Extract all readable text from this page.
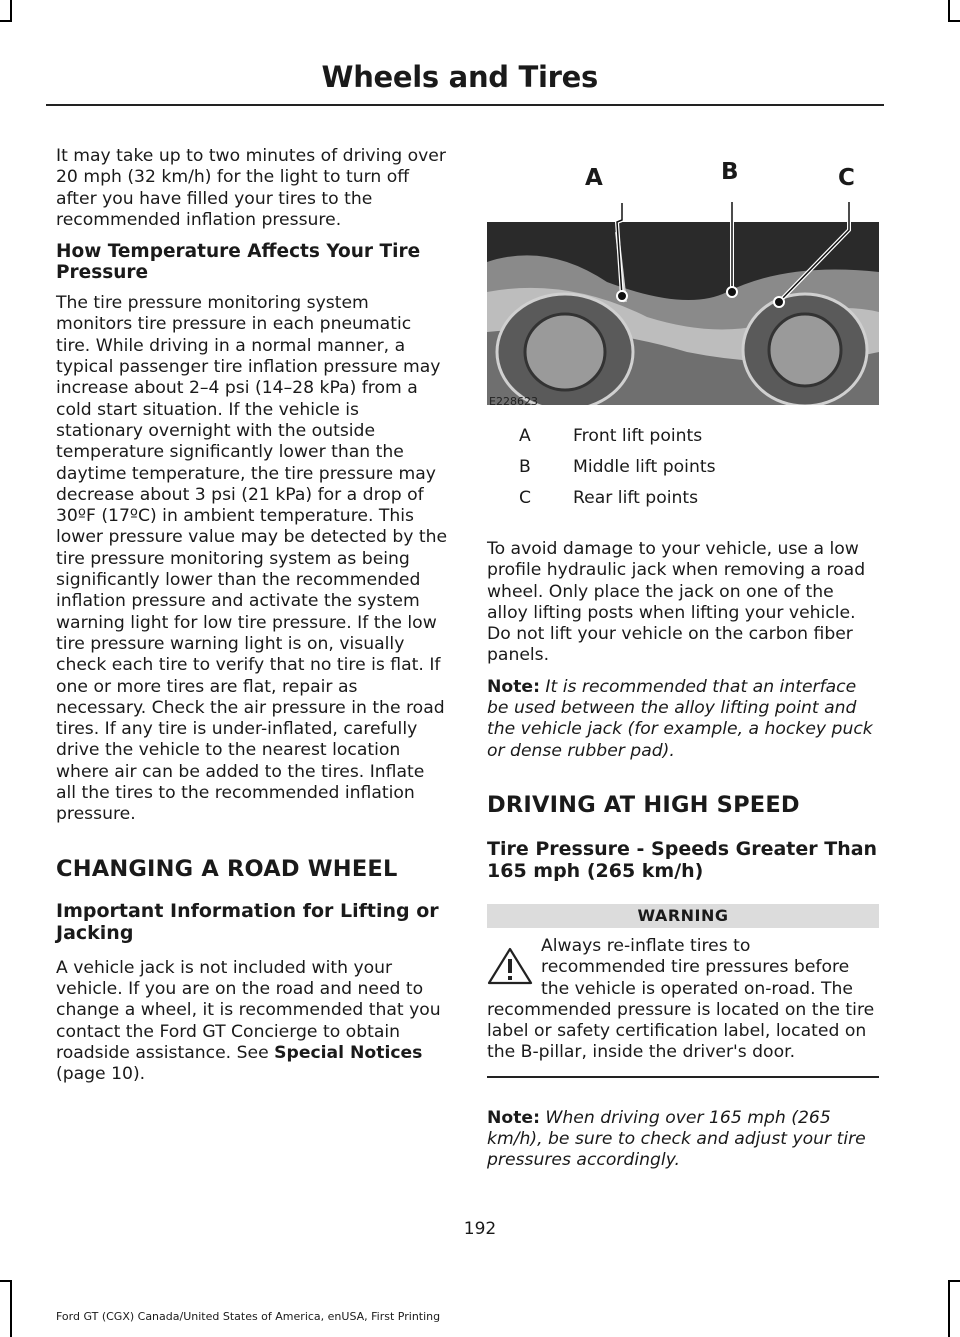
Wheels and Tires

It may take up to two minutes of driving over 20 mph (32 km/h) for the light to turn off after you have filled your tires to the recommended inflation pressure.

How Temperature Affects Your Tire Pressure

The tire pressure monitoring system monitors tire pressure in each pneumatic tire. While driving in a normal manner, a typical passenger tire inflation pressure may increase about 2–4 psi (14–28 kPa) from a cold start situation. If the vehicle is stationary overnight with the outside temperature significantly lower than the daytime temperature, the tire pressure may decrease about 3 psi (21 kPa) for a drop of 30ºF (17ºC) in ambient temperature. This lower pressure value may be detected by the tire pressure monitoring system as being significantly lower than the recommended inflation pressure and activate the system warning light for low tire pressure. If the low tire pressure warning light is on, visually check each tire to verify that no tire is flat. If one or more tires are flat, repair as necessary. Check the air pressure in the road tires. If any tire is under-inflated, carefully drive the vehicle to the nearest location where air can be added to the tires. Inflate all the tires to the recommended inflation pressure.

CHANGING A ROAD WHEEL
Important Information for Lifting or Jacking

A vehicle jack is not included with your vehicle. If you are on the road and need to change a wheel, it is recommended that you contact the Ford GT Concierge to obtain roadside assistance. See Special Notices (page 10).

A	B	C
E228623
A	Front lift points
B	Middle lift points
C	Rear lift points

To avoid damage to your vehicle, use a low profile hydraulic jack when removing a road wheel. Only place the jack on one of the alloy lifting posts when lifting your vehicle. Do not lift your vehicle on the carbon fiber panels.

Note: It is recommended that an interface be used between the alloy lifting point and the vehicle jack (for example, a hockey puck or dense rubber pad).

DRIVING AT HIGH SPEED
Tire Pressure - Speeds Greater Than 165 mph (265 km/h)
WARNING
Always re-inflate tires to recommended tire pressures before the vehicle is operated on-road. The recommended pressure is located on the tire label or safety certification label, located on the B-pillar, inside the driver's door.

Note: When driving over 165 mph (265 km/h), be sure to check and adjust your tire pressures accordingly.

192
Ford GT (CGX) Canada/United States of America, enUSA, First Printing
